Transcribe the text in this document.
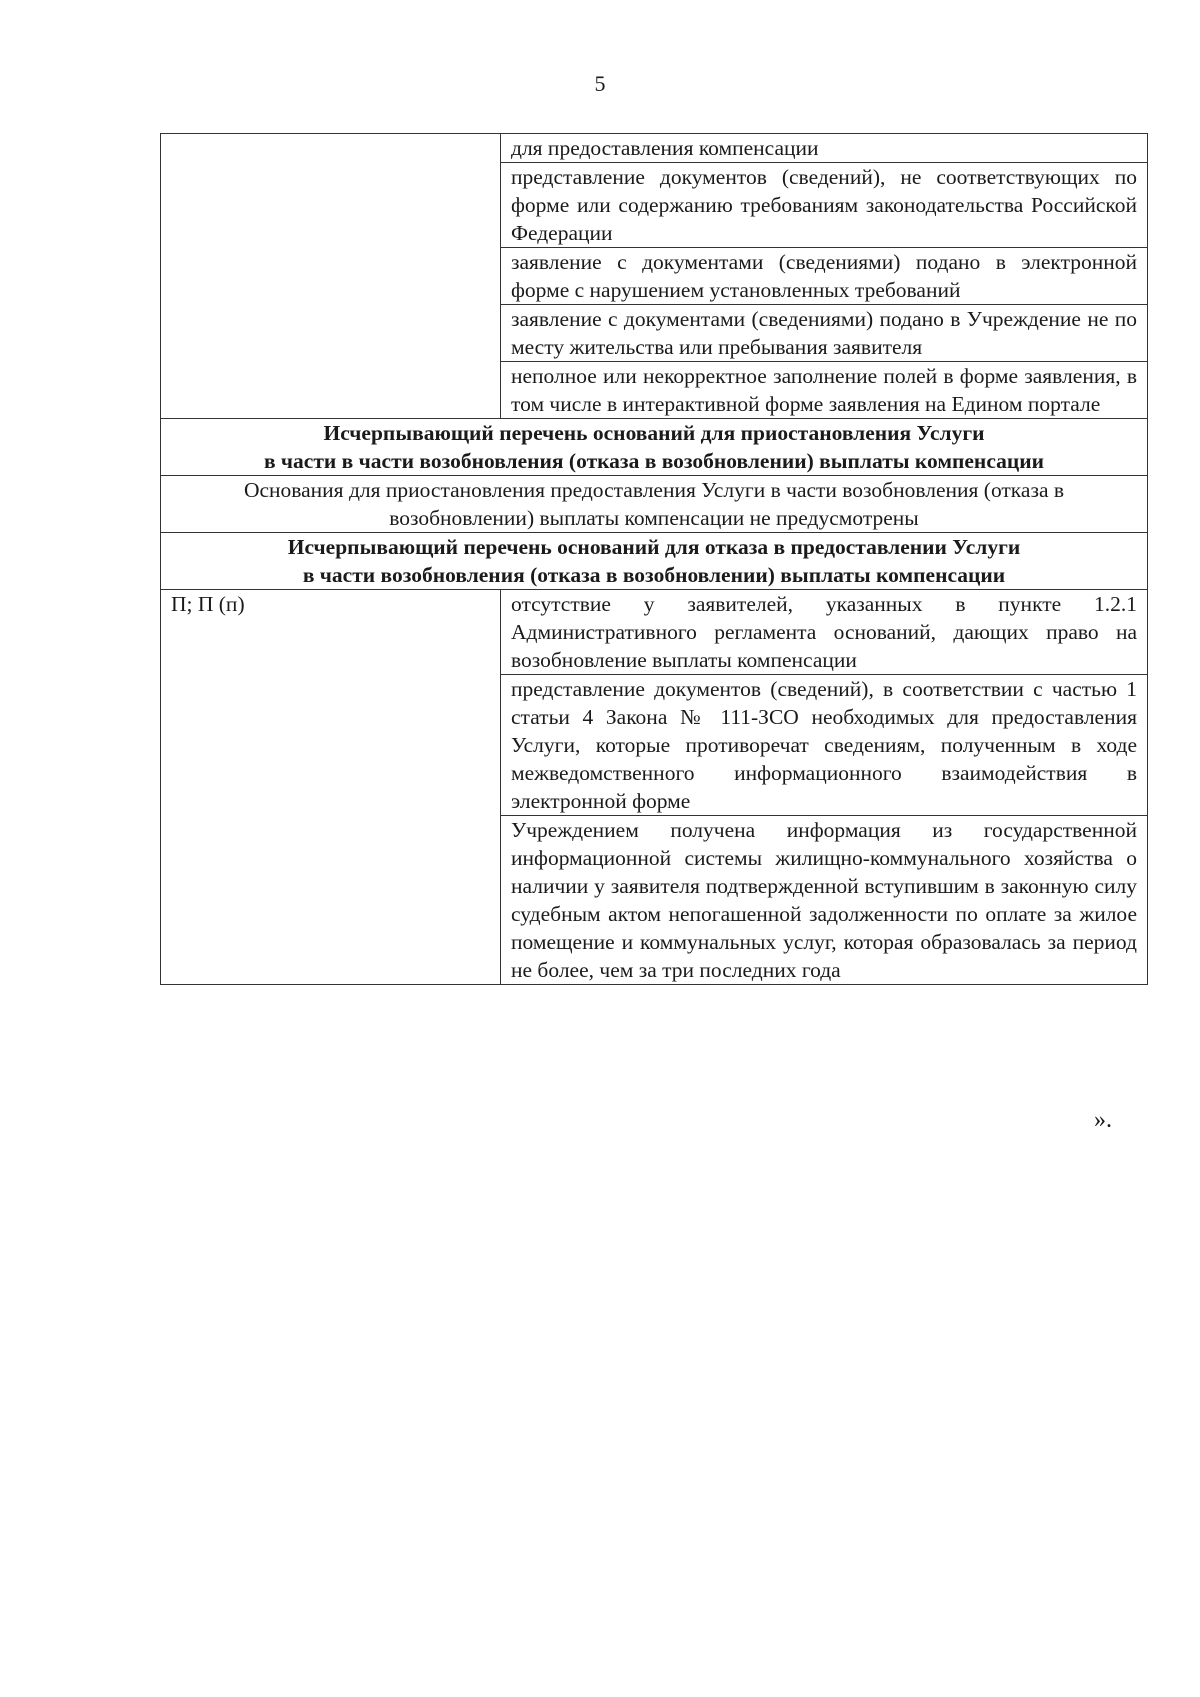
5
	для предоставления компенсации
	представление документов (сведений), не соответствующих по форме или содержанию требованиям законодательства Российской Федерации
	заявление с документами (сведениями) подано в электронной форме с нарушением установленных требований
	заявление с документами (сведениями) подано в Учреждение не по месту жительства или пребывания заявителя
	неполное или некорректное заполнение полей в форме заявления, в том числе в интерактивной форме заявления на Едином портале

Исчерпывающий перечень оснований для приостановления Услуги
в части в части возобновления (отказа в возобновлении) выплаты компенсации	

Основания для приостановления предоставления Услуги в части возобновления (отказа в
возобновлении) выплаты компенсации не предусмотрены	

Исчерпывающий перечень оснований для отказа в предоставлении Услуги
в части возобновления (отказа в возобновлении) выплаты компенсации	

П; П (п)	отсутствие у заявителей, указанных в пункте 1.2.1 Административного регламента оснований, дающих право на возобновление выплаты компенсации
	представление документов (сведений), в соответствии с частью 1 статьи 4 Закона № 111-ЗСО необходимых для предоставления Услуги, которые противоречат сведениям, полученным в ходе межведомственного информационного взаимодействия в электронной форме
	Учреждением получена информация из государственной информационной системы жилищно-коммунального хозяйства о наличии у заявителя подтвержденной вступившим в законную силу судебным актом непогашенной задолженности по оплате за жилое помещение и коммунальных услуг, которая образовалась за период не более, чем за три последних года
».
